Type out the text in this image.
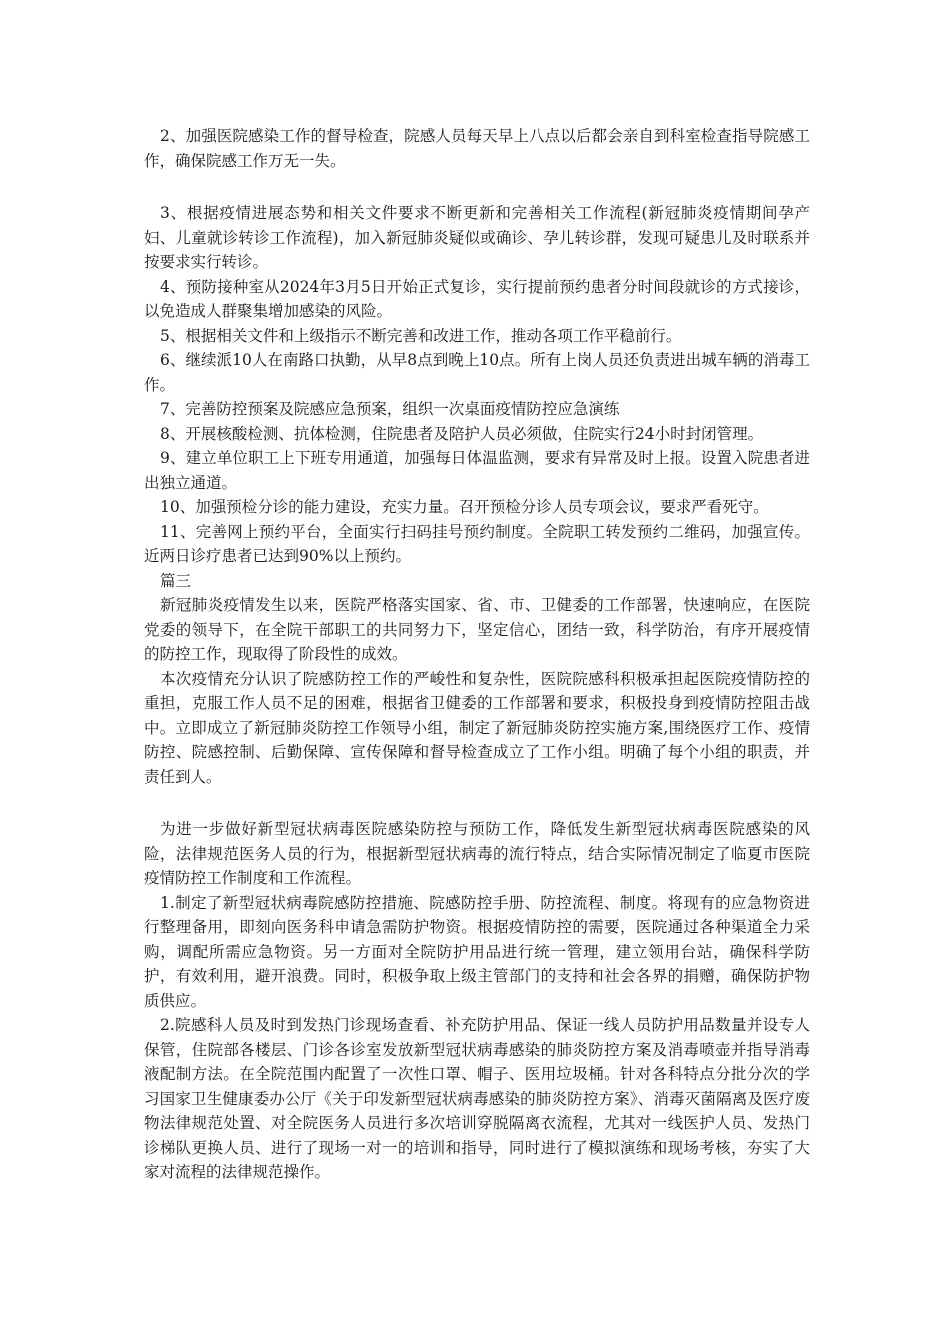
2、加强医院感染工作的督导检查，院感人员每天早上八点以后都会亲自到科室检查指导院感工作，确保院感工作万无一失。

3、根据疫情进展态势和相关文件要求不断更新和完善相关工作流程(新冠肺炎疫情期间孕产妇、儿童就诊转诊工作流程)，加入新冠肺炎疑似或确诊、孕儿转诊群，发现可疑患儿及时联系并按要求实行转诊。

4、预防接种室从2024年3月5日开始正式复诊，实行提前预约患者分时间段就诊的方式接诊，以免造成人群聚集增加感染的风险。

5、根据相关文件和上级指示不断完善和改进工作，推动各项工作平稳前行。

6、继续派10人在南路口执勤，从早8点到晚上10点。所有上岗人员还负责进出城车辆的消毒工作。

7、完善防控预案及院感应急预案，组织一次桌面疫情防控应急演练

8、开展核酸检测、抗体检测，住院患者及陪护人员必须做，住院实行24小时封闭管理。

9、建立单位职工上下班专用通道，加强每日体温监测，要求有异常及时上报。设置入院患者进出独立通道。

10、加强预检分诊的能力建设，充实力量。召开预检分诊人员专项会议，要求严看死守。

11、完善网上预约平台，全面实行扫码挂号预约制度。全院职工转发预约二维码，加强宣传。近两日诊疗患者已达到90%以上预约。

篇三

新冠肺炎疫情发生以来，医院严格落实国家、省、市、卫健委的工作部署，快速响应，在医院党委的领导下，在全院干部职工的共同努力下，坚定信心，团结一致，科学防治，有序开展疫情的防控工作，现取得了阶段性的成效。

本次疫情充分认识了院感防控工作的严峻性和复杂性，医院院感科积极承担起医院疫情防控的重担，克服工作人员不足的困难，根据省卫健委的工作部署和要求，积极投身到疫情防控阻击战中。立即成立了新冠肺炎防控工作领导小组，制定了新冠肺炎防控实施方案,围绕医疗工作、疫情防控、院感控制、后勤保障、宣传保障和督导检查成立了工作小组。明确了每个小组的职责，并责任到人。

为进一步做好新型冠状病毒医院感染防控与预防工作，降低发生新型冠状病毒医院感染的风险，法律规范医务人员的行为，根据新型冠状病毒的流行特点，结合实际情况制定了临夏市医院疫情防控工作制度和工作流程。

1.制定了新型冠状病毒院感防控措施、院感防控手册、防控流程、制度。将现有的应急物资进行整理备用，即刻向医务科申请急需防护物资。根据疫情防控的需要，医院通过各种渠道全力采购，调配所需应急物资。另一方面对全院防护用品进行统一管理，建立领用台站，确保科学防护，有效利用，避开浪费。同时，积极争取上级主管部门的支持和社会各界的捐赠，确保防护物质供应。

2.院感科人员及时到发热门诊现场查看、补充防护用品、保证一线人员防护用品数量并设专人保管，住院部各楼层、门诊各诊室发放新型冠状病毒感染的肺炎防控方案及消毒喷壶并指导消毒液配制方法。在全院范围内配置了一次性口罩、帽子、医用垃圾桶。针对各科特点分批分次的学习国家卫生健康委办公厅《关于印发新型冠状病毒感染的肺炎防控方案》、消毒灭菌隔离及医疗废物法律规范处置、对全院医务人员进行多次培训穿脱隔离衣流程，尤其对一线医护人员、发热门诊梯队更换人员、进行了现场一对一的培训和指导，同时进行了模拟演练和现场考核，夯实了大家对流程的法律规范操作。
